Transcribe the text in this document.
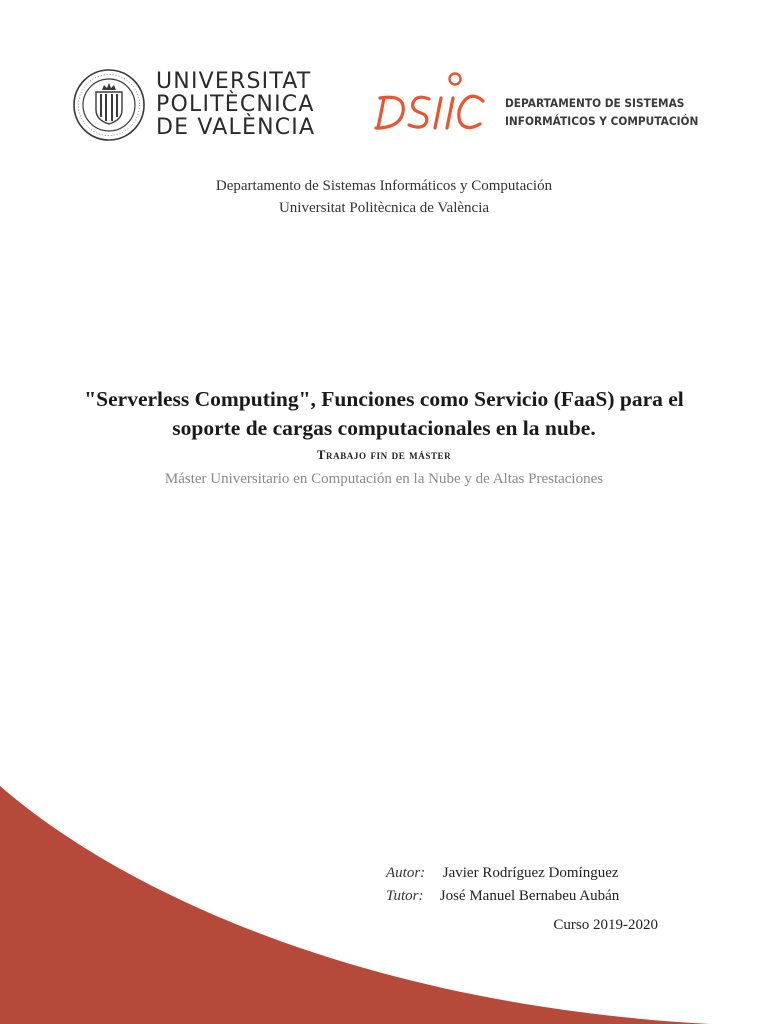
UNIVERSITAT
POLITÈCNICA
DE VALÈNCIA
DEPARTAMENTO DE SISTEMAS
INFORMÁTICOS Y COMPUTACIÓN
Departamento de Sistemas Informáticos y Computación
Universitat Politècnica de València
"Serverless Computing", Funciones como Servicio (FaaS) para el soporte de cargas computacionales en la nube.
Trabajo fin de máster
Máster Universitario en Computación en la Nube y de Altas Prestaciones
Autor: Javier Rodríguez Domínguez
Tutor: José Manuel Bernabeu Aubán
Curso 2019-2020
